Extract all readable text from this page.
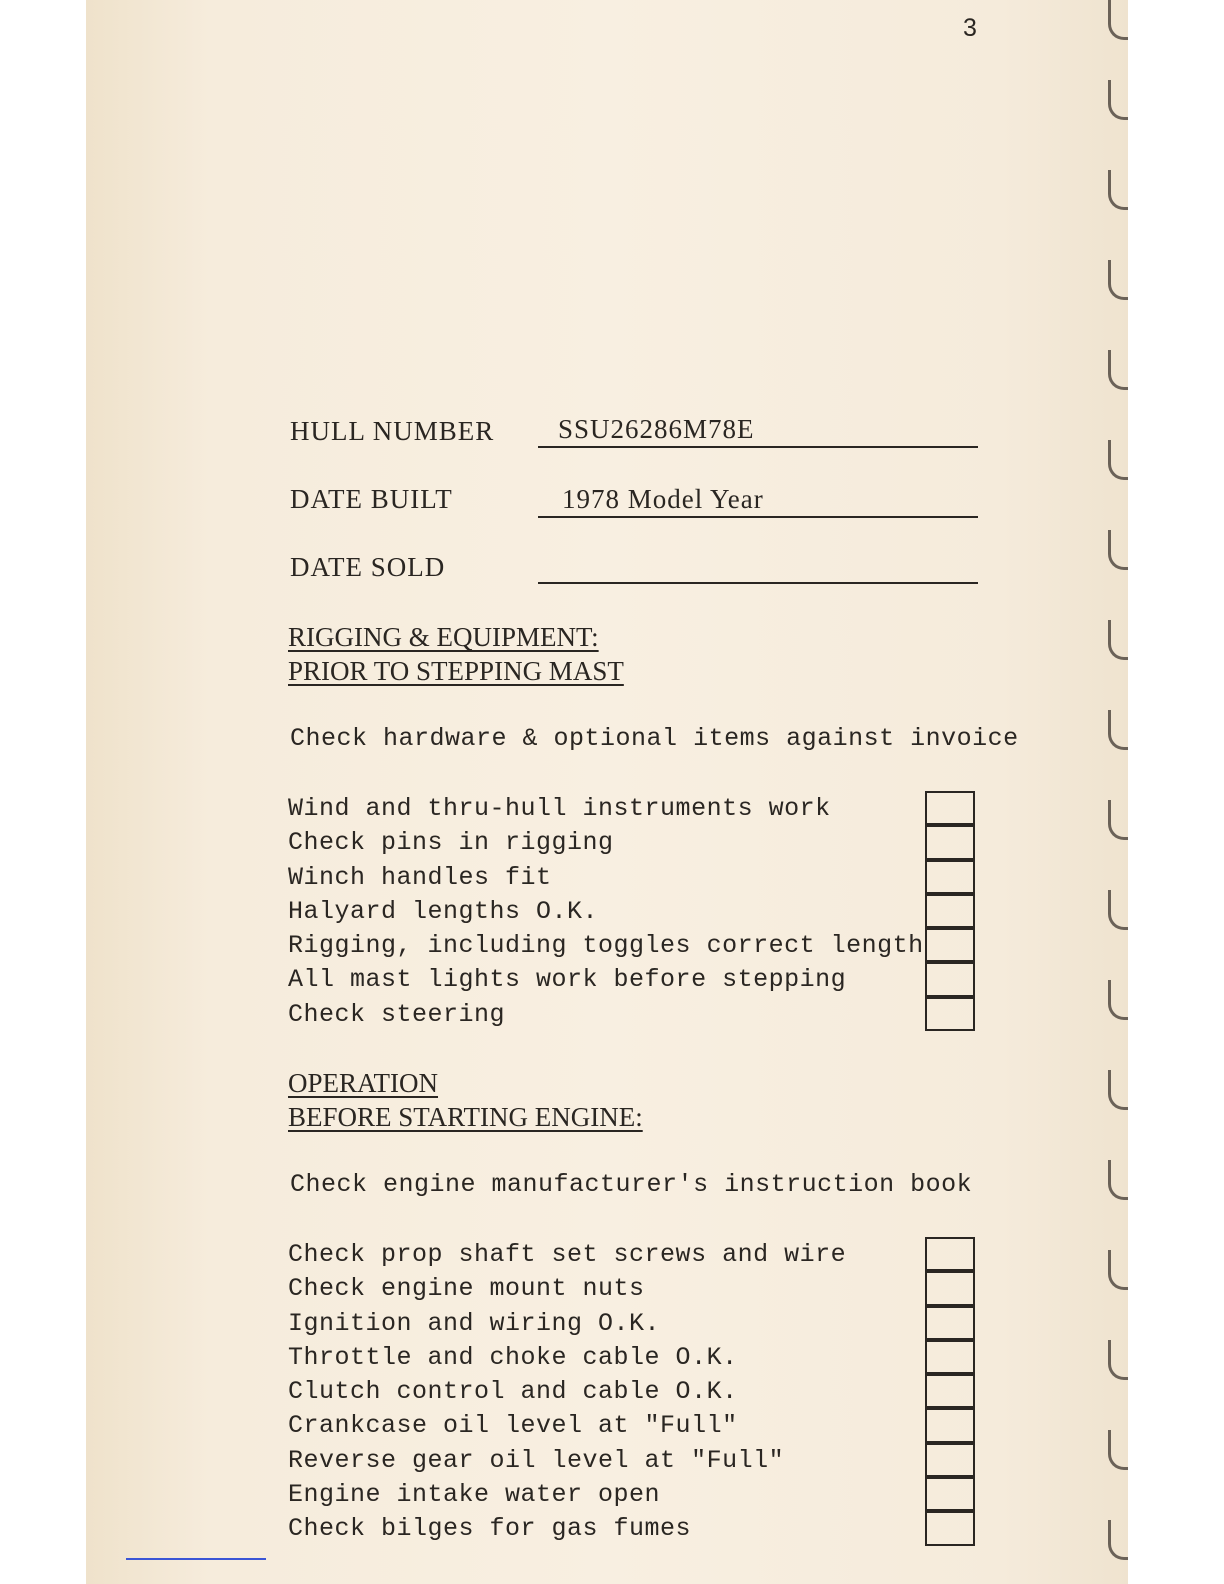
3
HULL NUMBER	SSU26286M78E
DATE BUILT	1978 Model Year
DATE SOLD
RIGGING & EQUIPMENT:
PRIOR TO STEPPING MAST
Check hardware & optional items against invoice
Wind and thru-hull instruments work
Check pins in rigging
Winch handles fit
Halyard lengths O.K.
Rigging, including toggles correct length
All mast lights work before stepping
Check steering
OPERATION
BEFORE STARTING ENGINE:
Check engine manufacturer's instruction book
Check prop shaft set screws and wire
Check engine mount nuts
Ignition and wiring O.K.
Throttle and choke cable O.K.
Clutch control and cable O.K.
Crankcase oil level at "Full"
Reverse gear oil level at "Full"
Engine intake water open
Check bilges for gas fumes
